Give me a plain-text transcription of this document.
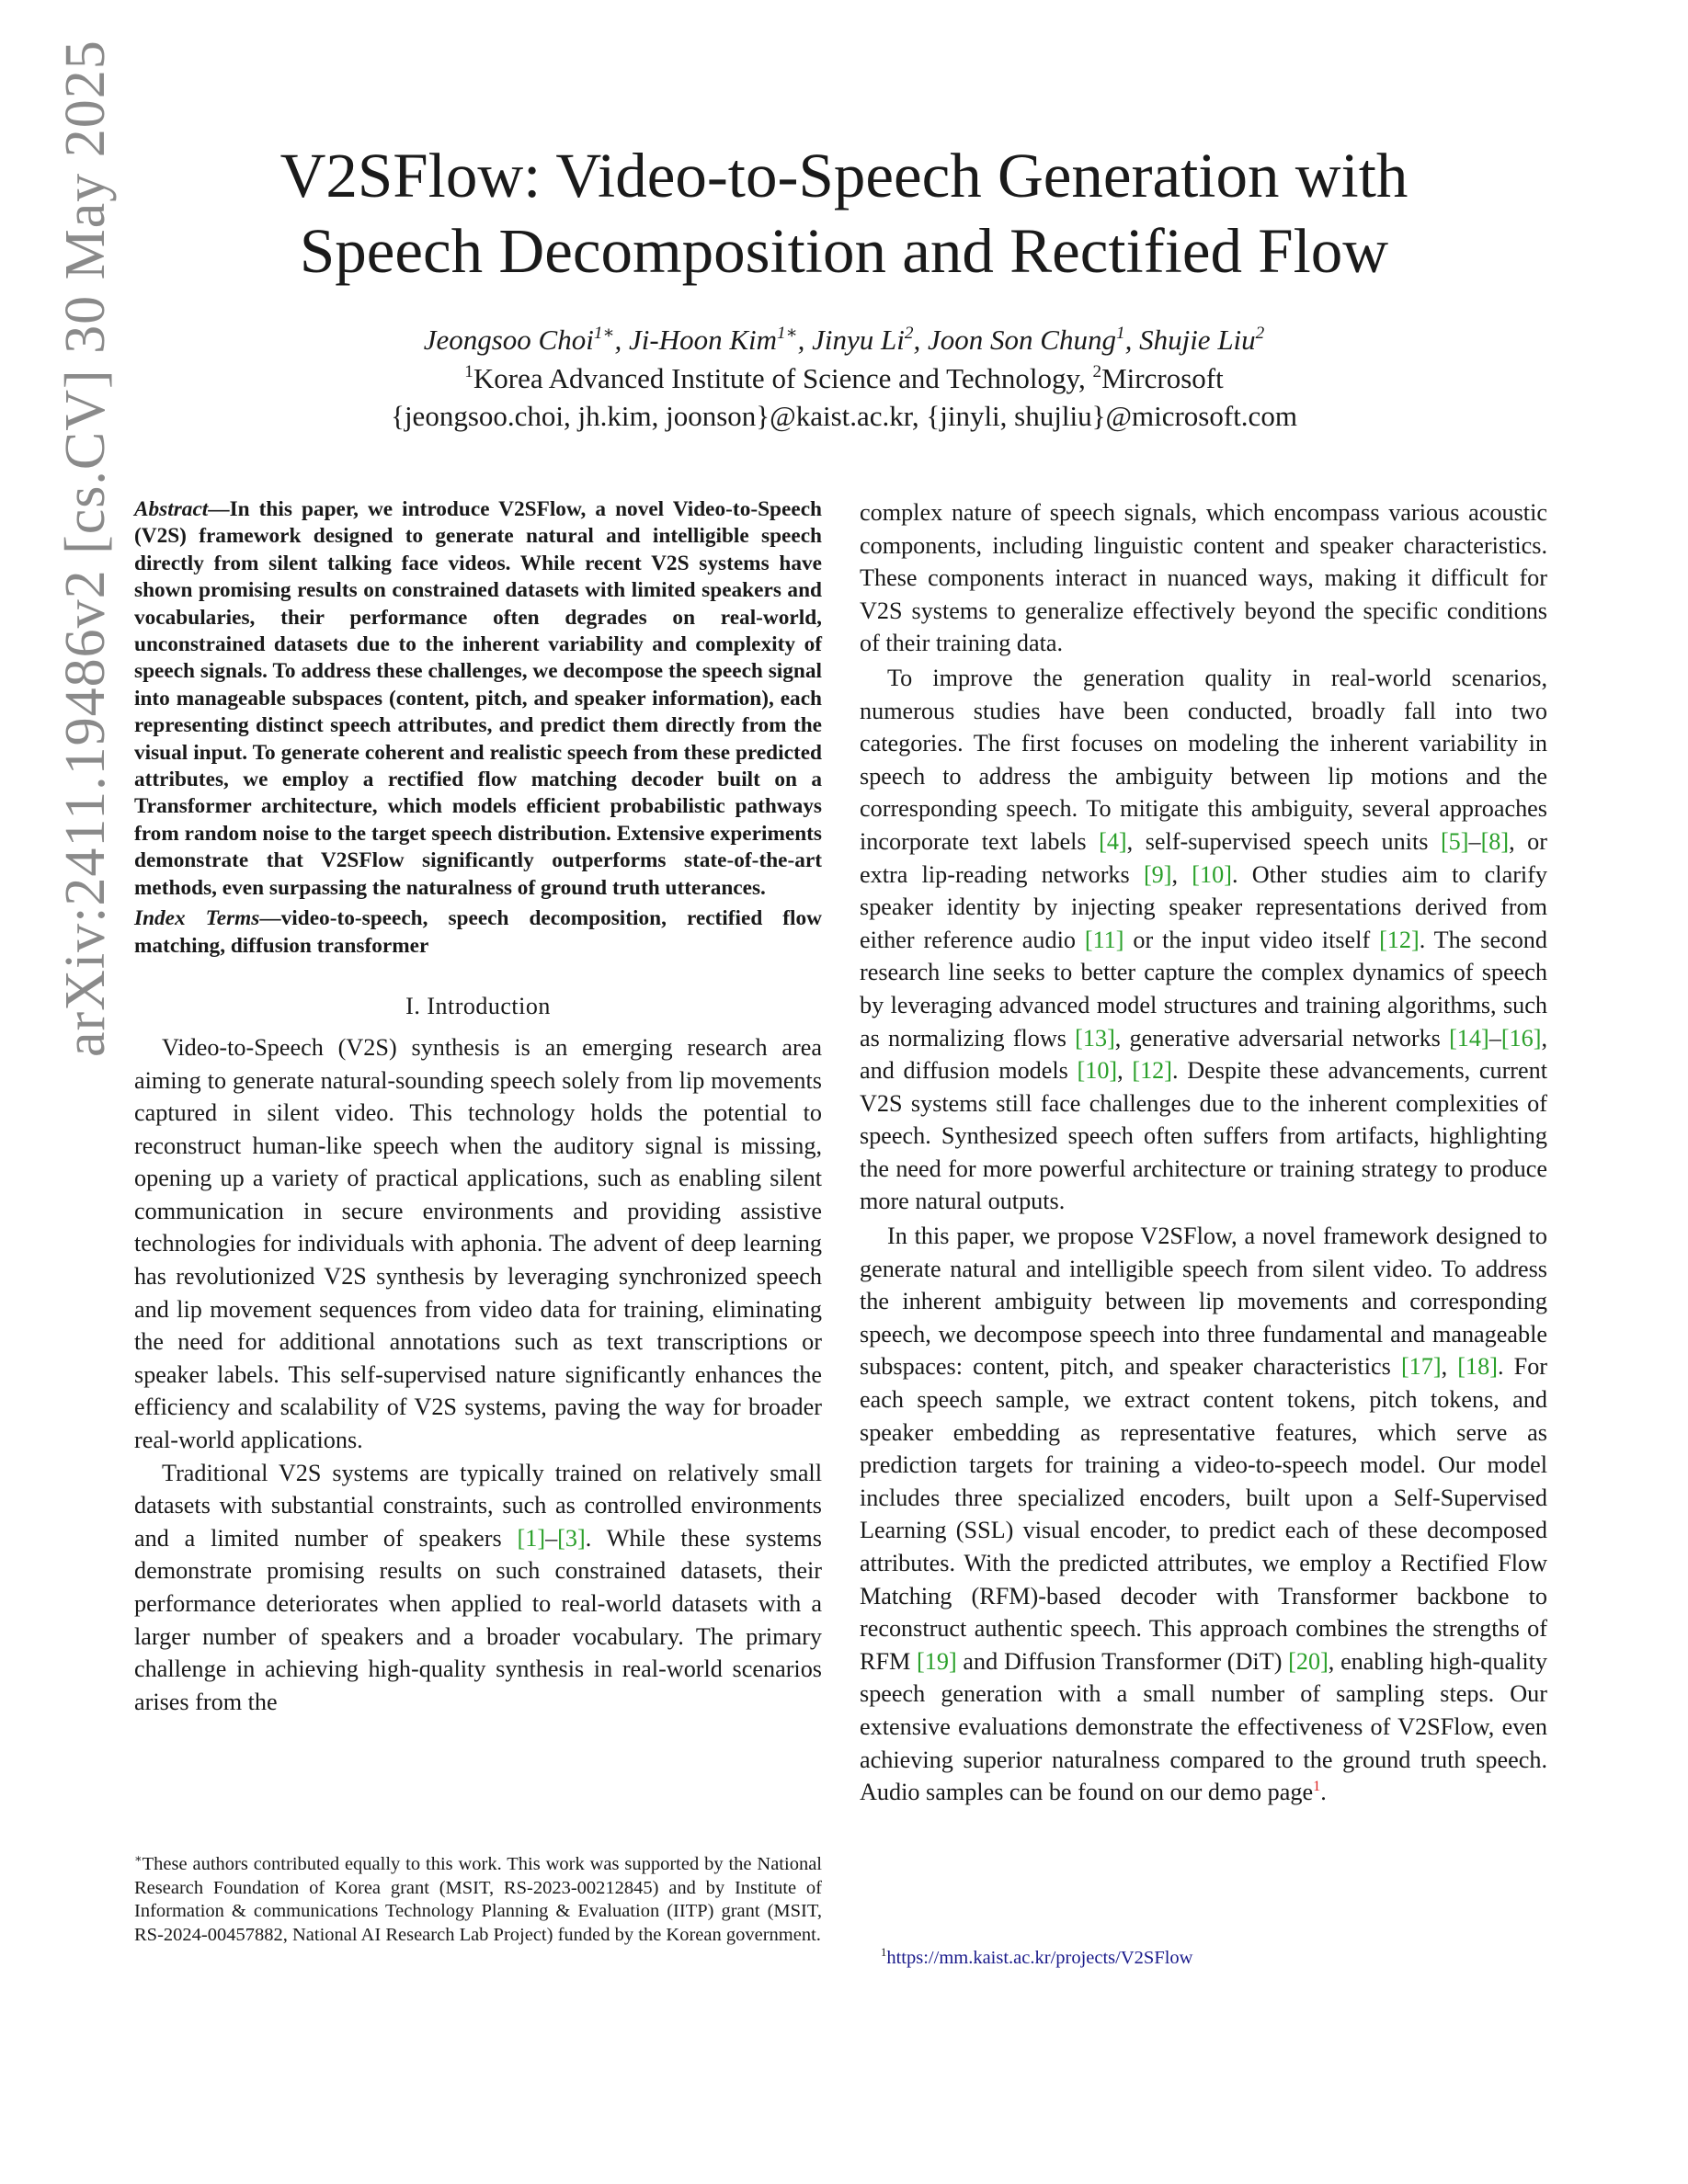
arXiv:2411.19486v2 [cs.CV] 30 May 2025	V2SFlow: Video-to-Speech Generation with
Speech Decomposition and Rectified Flow
Jeongsoo Choi$^{1∗}$, Ji-Hoon Kim$^{1∗}$, Jinyu Li$^2$, Joon Son Chung$^1$, Shujie Liu$^2$
$^1$Korea Advanced Institute of Science and Technology, $^2$Mircrosoft
{jeongsoo.choi, jh.kim, joonson}@kaist.ac.kr, {jinyli, shujliu}@microsoft.com

Abstract—In this paper, we introduce V2SFlow, a novel Video-to-Speech (V2S) framework designed to generate natural and intelligible speech directly from silent talking face videos. While recent V2S systems have shown promising results on constrained datasets with limited speakers and vocabularies, their performance often degrades on real-world, unconstrained datasets due to the inherent variability and complexity of speech signals. To address these challenges, we decompose the speech signal into manageable subspaces (content, pitch, and speaker information), each representing distinct speech attributes, and predict them directly from the visual input. To generate coherent and realistic speech from these predicted attributes, we employ a rectified flow matching decoder built on a Transformer architecture, which models efficient probabilistic pathways from random noise to the target speech distribution. Extensive experiments demonstrate that V2SFlow significantly outperforms state-of-the-art methods, even surpassing the naturalness of ground truth utterances.

Index Terms—video-to-speech, speech decomposition, rectified flow matching, diffusion transformer

I. Introduction

Video-to-Speech (V2S) synthesis is an emerging research area aiming to generate natural-sounding speech solely from lip movements captured in silent video. This technology holds the potential to reconstruct human-like speech when the auditory signal is missing, opening up a variety of practical applications, such as enabling silent communication in secure environments and providing assistive technologies for individuals with aphonia. The advent of deep learning has revolutionized V2S synthesis by leveraging synchronized speech and lip movement sequences from video data for training, eliminating the need for additional annotations such as text transcriptions or speaker labels. This self-supervised nature significantly enhances the efficiency and scalability of V2S systems, paving the way for broader real-world applications.

Traditional V2S systems are typically trained on relatively small datasets with substantial constraints, such as controlled environments and a limited number of speakers [1]–[3]. While these systems demonstrate promising results on such constrained datasets, their performance deteriorates when applied to real-world datasets with a larger number of speakers and a broader vocabulary. The primary challenge in achieving high-quality synthesis in real-world scenarios arises from the

complex nature of speech signals, which encompass various acoustic components, including linguistic content and speaker characteristics. These components interact in nuanced ways, making it difficult for V2S systems to generalize effectively beyond the specific conditions of their training data.

To improve the generation quality in real-world scenarios, numerous studies have been conducted, broadly fall into two categories. The first focuses on modeling the inherent variability in speech to address the ambiguity between lip motions and the corresponding speech. To mitigate this ambiguity, several approaches incorporate text labels [4], self-supervised speech units [5]–[8], or extra lip-reading networks [9], [10]. Other studies aim to clarify speaker identity by injecting speaker representations derived from either reference audio [11] or the input video itself [12]. The second research line seeks to better capture the complex dynamics of speech by leveraging advanced model structures and training algorithms, such as normalizing flows [13], generative adversarial networks [14]–[16], and diffusion models [10], [12]. Despite these advancements, current V2S systems still face challenges due to the inherent complexities of speech. Synthesized speech often suffers from artifacts, highlighting the need for more powerful architecture or training strategy to produce more natural outputs.

In this paper, we propose V2SFlow, a novel framework designed to generate natural and intelligible speech from silent video. To address the inherent ambiguity between lip movements and corresponding speech, we decompose speech into three fundamental and manageable subspaces: content, pitch, and speaker characteristics [17], [18]. For each speech sample, we extract content tokens, pitch tokens, and speaker embedding as representative features, which serve as prediction targets for training a video-to-speech model. Our model includes three specialized encoders, built upon a Self-Supervised Learning (SSL) visual encoder, to predict each of these decomposed attributes. With the predicted attributes, we employ a Rectified Flow Matching (RFM)-based decoder with Transformer backbone to reconstruct authentic speech. This approach combines the strengths of RFM [19] and Diffusion Transformer (DiT) [20], enabling high-quality speech generation with a small number of sampling steps. Our extensive evaluations demonstrate the effectiveness of V2SFlow, even achieving superior naturalness compared to the ground truth speech. Audio samples can be found on our demo page$^1$.

∗These authors contributed equally to this work. This work was supported by the National Research Foundation of Korea grant (MSIT, RS-2023-00212845) and by Institute of Information & communications Technology Planning & Evaluation (IITP) grant (MSIT, RS-2024-00457882, National AI Research Lab Project) funded by the Korean government.
$^1$https://mm.kaist.ac.kr/projects/V2SFlow
